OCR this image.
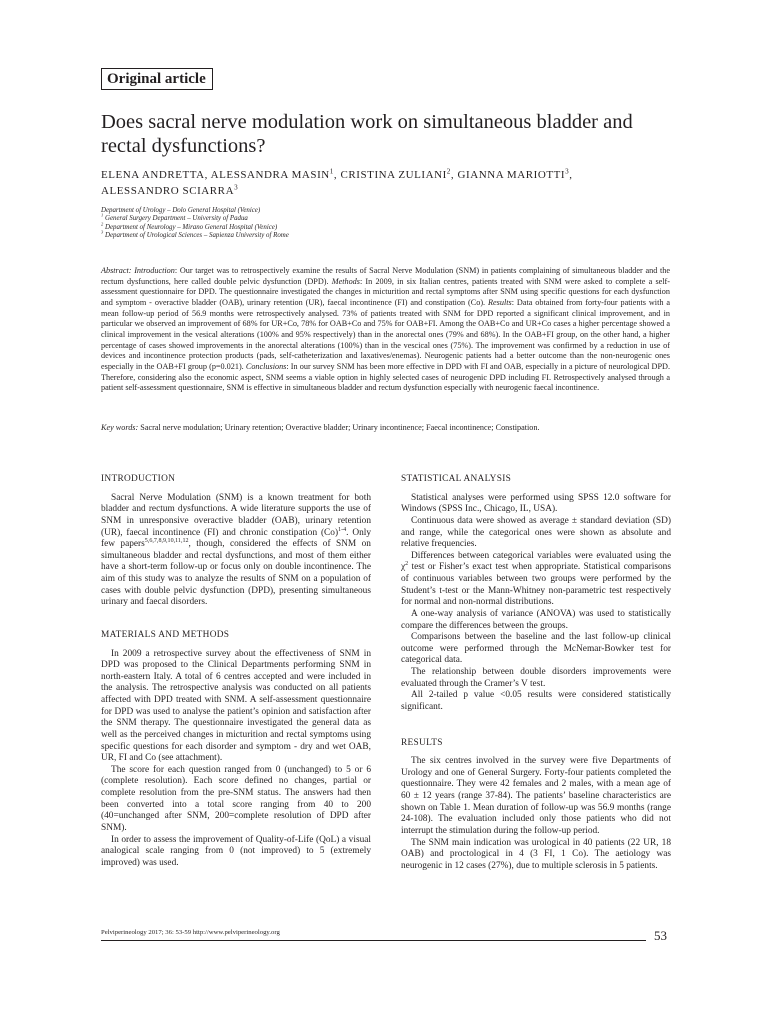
Original article
Does sacral nerve modulation work on simultaneous bladder and rectal dysfunctions?
ELENA ANDRETTA, ALESSANDRA MASIN$^1$, CRISTINA ZULIANI$^2$, GIANNA MARIOTTI$^3$,
ALESSANDRO SCIARRA$^3$
Department of Urology – Dolo General Hospital (Venice)
$^1$ General Surgery Department – University of Padua
$^2$ Department of Neurology – Mirano General Hospital (Venice)
$^3$ Department of Urological Sciences – Sapienza University of Rome
Abstract: Introduction: Our target was to retrospectively examine the results of Sacral Nerve Modulation (SNM) in patients complaining of simultaneous bladder and the rectum dysfunctions, here called double pelvic dysfunction (DPD). Methods: In 2009, in six Italian centres, patients treated with SNM were asked to complete a self-assessment questionnaire for DPD. The questionnaire investigated the changes in micturition and rectal symptoms after SNM using specific questions for each dysfunction and symptom - overactive bladder (OAB), urinary retention (UR), faecal incontinence (FI) and constipation (Co). Results: Data obtained from forty-four patients with a mean follow-up period of 56.9 months were retrospectively analysed. 73% of patients treated with SNM for DPD reported a significant clinical improvement, and in particular we observed an improvement of 68% for UR+Co, 78% for OAB+Co and 75% for OAB+FI. Among the OAB+Co and UR+Co cases a higher percentage showed a clinical improvement in the vesical alterations (100% and 95% respectively) than in the anorectal ones (79% and 68%). In the OAB+FI group, on the other hand, a higher percentage of cases showed improvements in the anorectal alterations (100%) than in the vescical ones (75%). The improvement was confirmed by a reduction in use of devices and incontinence protection products (pads, self-catheterization and laxatives/enemas). Neurogenic patients had a better outcome than the non-neurogenic ones especially in the OAB+FI group (p=0.021). Conclusions: In our survey SNM has been more effective in DPD with FI and OAB, especially in a picture of neurological DPD. Therefore, considering also the economic aspect, SNM seems a viable option in highly selected cases of neurogenic DPD including FI. Retrospectively analysed through a patient self-assessment questionnaire, SNM is effective in simultaneous bladder and rectum dysfunction especially with neurogenic faecal incontinence.
Key words: Sacral nerve modulation; Urinary retention; Overactive bladder; Urinary incontinence; Faecal incontinence; Constipation.
INTRODUCTION

Sacral Nerve Modulation (SNM) is a known treatment for both bladder and rectum dysfunctions. A wide literature supports the use of SNM in unresponsive overactive bladder (OAB), urinary retention (UR), faecal incontinence (FI) and chronic constipation $(Co)^{1-4}$. Only few papers$^{5,6,7,8,9,10,11,12}$, though, considered the effects of SNM on simultaneous bladder and rectal dysfunctions, and most of them either have a short-term follow-up or focus only on double incontinence. The aim of this study was to analyze the results of SNM on a population of cases with double pelvic dysfunction (DPD), presenting simultaneous urinary and faecal disorders.

MATERIALS AND METHODS

In 2009 a retrospective survey about the effectiveness of SNM in DPD was proposed to the Clinical Departments performing SNM in north-eastern Italy. A total of 6 centres accepted and were included in the analysis. The retrospective analysis was conducted on all patients affected with DPD treated with SNM. A self-assessment questionnaire for DPD was used to analyse the patient’s opinion and satisfaction after the SNM therapy. The questionnaire investigated the general data as well as the perceived changes in micturition and rectal symptoms using specific questions for each disorder and symptom - dry and wet OAB, UR, FI and Co (see attachment).

The score for each question ranged from 0 (unchanged) to 5 or 6 (complete resolution). Each score defined no changes, partial or complete resolution from the pre-SNM status. The answers had then been converted into a total score ranging from 40 to 200 (40=unchanged after SNM, 200=complete resolution of DPD after SNM).

In order to assess the improvement of Quality-of-Life (QoL) a visual analogical scale ranging from 0 (not improved) to 5 (extremely improved) was used.

STATISTICAL ANALYSIS

Statistical analyses were performed using SPSS 12.0 software for Windows (SPSS Inc., Chicago, IL, USA).

Continuous data were showed as average ± standard deviation (SD) and range, while the categorical ones were shown as absolute and relative frequencies.

Differences between categorical variables were evaluated using the $\chi^2$ test or Fisher’s exact test when appropriate. Statistical comparisons of continuous variables between two groups were performed by the Student’s t-test or the Mann-Whitney non-parametric test respectively for normal and non-normal distributions.

A one-way analysis of variance (ANOVA) was used to statistically compare the differences between the groups.

Comparisons between the baseline and the last follow-up clinical outcome were performed through the McNemar-Bowker test for categorical data.

The relationship between double disorders improvements were evaluated through the Cramer’s V test.

All 2-tailed p value <0.05 results were considered statistically significant.

RESULTS

The six centres involved in the survey were five Departments of Urology and one of General Surgery. Forty-four patients completed the questionnaire. They were 42 females and 2 males, with a mean age of 60 ± 12 years (range 37-84). The patients’ baseline characteristics are shown on Table 1. Mean duration of follow-up was 56.9 months (range 24-108). The evaluation included only those patients who did not interrupt the stimulation during the follow-up period.

The SNM main indication was urological in 40 patients (22 UR, 18 OAB) and proctological in 4 (3 FI, 1 Co). The aetiology was neurogenic in 12 cases (27%), due to multiple sclerosis in 5 patients.

Pelviperineology 2017; 36: 53-59 http://www.pelviperineology.org	53
